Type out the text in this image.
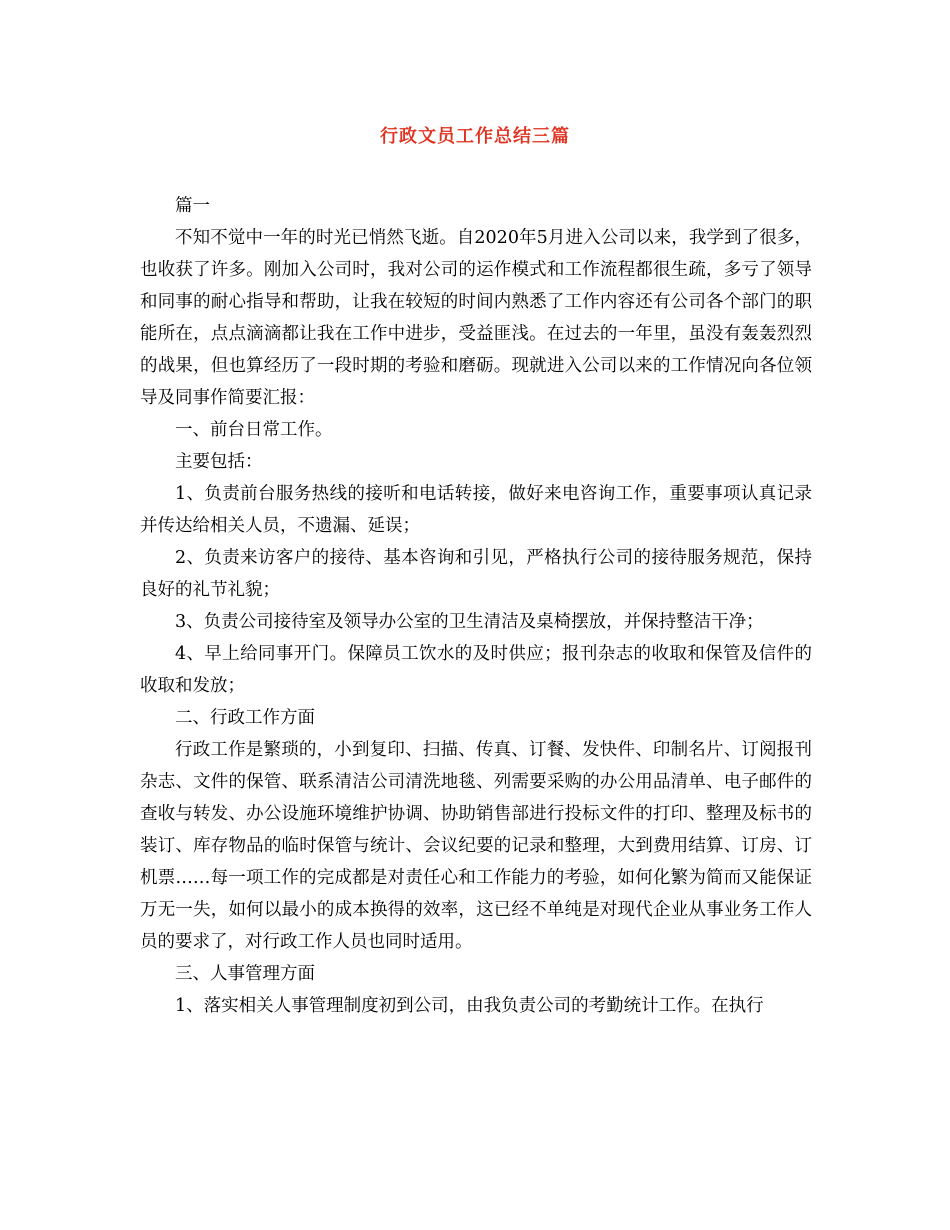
行政文员工作总结三篇

篇一

不知不觉中一年的时光已悄然飞逝。自2020年5月进入公司以来，我学到了很多，也收获了许多。刚加入公司时，我对公司的运作模式和工作流程都很生疏，多亏了领导和同事的耐心指导和帮助，让我在较短的时间内熟悉了工作内容还有公司各个部门的职能所在，点点滴滴都让我在工作中进步，受益匪浅。在过去的一年里，虽没有轰轰烈烈的战果，但也算经历了一段时期的考验和磨砺。现就进入公司以来的工作情况向各位领导及同事作简要汇报：

一、前台日常工作。

主要包括：

1、负责前台服务热线的接听和电话转接，做好来电咨询工作，重要事项认真记录并传达给相关人员，不遗漏、延误；

2、负责来访客户的接待、基本咨询和引见，严格执行公司的接待服务规范，保持良好的礼节礼貌；

3、负责公司接待室及领导办公室的卫生清洁及桌椅摆放，并保持整洁干净；

4、早上给同事开门。保障员工饮水的及时供应；报刊杂志的收取和保管及信件的收取和发放；

二、行政工作方面

行政工作是繁琐的，小到复印、扫描、传真、订餐、发快件、印制名片、订阅报刊杂志、文件的保管、联系清洁公司清洗地毯、列需要采购的办公用品清单、电子邮件的查收与转发、办公设施环境维护协调、协助销售部进行投标文件的打印、整理及标书的装订、库存物品的临时保管与统计、会议纪要的记录和整理，大到费用结算、订房、订机票……每一项工作的完成都是对责任心和工作能力的考验，如何化繁为简而又能保证万无一失，如何以最小的成本换得的效率，这已经不单纯是对现代企业从事业务工作人员的要求了，对行政工作人员也同时适用。

三、人事管理方面

1、落实相关人事管理制度初到公司，由我负责公司的考勤统计工作。在执行
